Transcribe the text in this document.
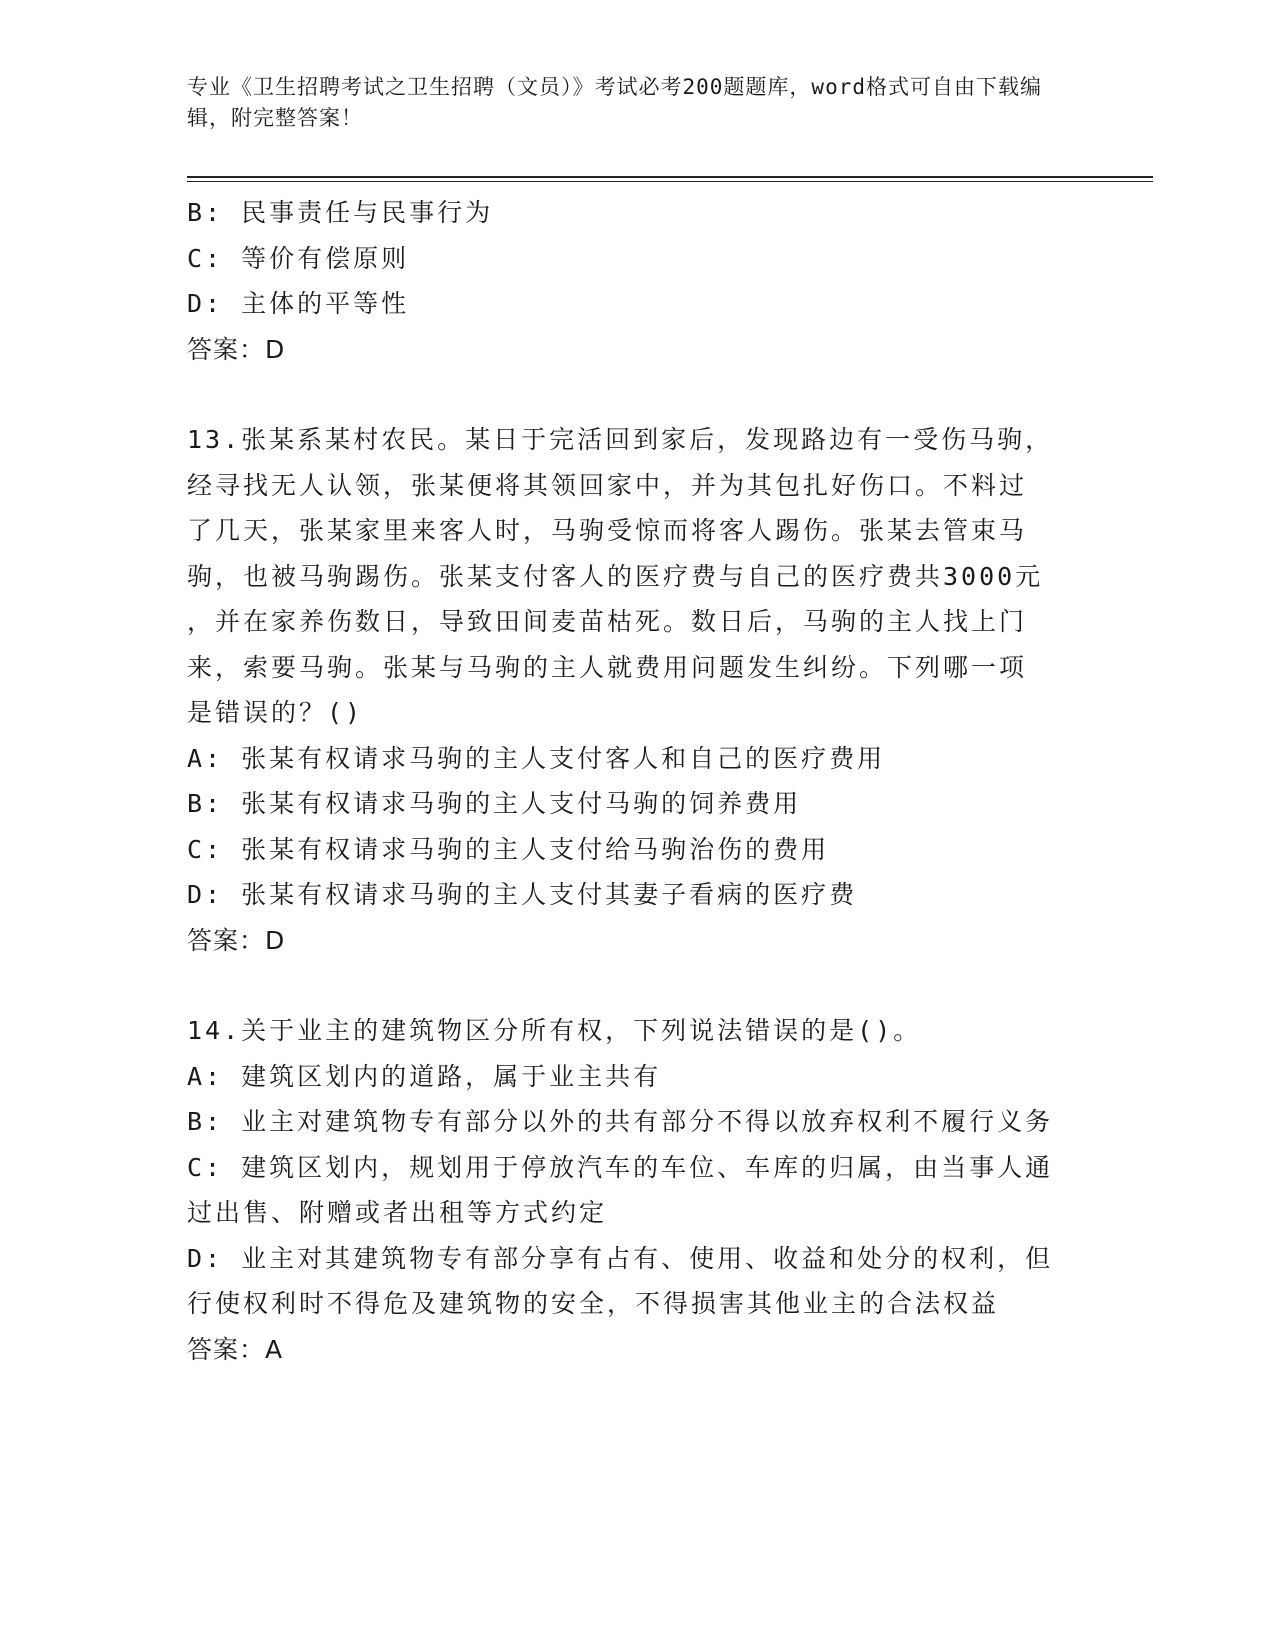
专业《卫生招聘考试之卫生招聘（文员）》考试必考200题题库，word格式可自由下载编辑，附完整答案！

B: 民事责任与民事行为

C: 等价有偿原则

D: 主体的平等性

答案：D

13.张某系某村农民。某日于完活回到家后，发现路边有一受伤马驹，

经寻找无人认领，张某便将其领回家中，并为其包扎好伤口。不料过

了几天，张某家里来客人时，马驹受惊而将客人踢伤。张某去管束马

驹，也被马驹踢伤。张某支付客人的医疗费与自己的医疗费共3000元

，并在家养伤数日，导致田间麦苗枯死。数日后，马驹的主人找上门

来，索要马驹。张某与马驹的主人就费用问题发生纠纷。下列哪一项

是错误的？()

A: 张某有权请求马驹的主人支付客人和自己的医疗费用

B: 张某有权请求马驹的主人支付马驹的饲养费用

C: 张某有权请求马驹的主人支付给马驹治伤的费用

D: 张某有权请求马驹的主人支付其妻子看病的医疗费

答案：D

14.关于业主的建筑物区分所有权，下列说法错误的是()。

A: 建筑区划内的道路，属于业主共有

B: 业主对建筑物专有部分以外的共有部分不得以放弃权利不履行义务

C: 建筑区划内，规划用于停放汽车的车位、车库的归属，由当事人通

过出售、附赠或者出租等方式约定

D: 业主对其建筑物专有部分享有占有、使用、收益和处分的权利，但

行使权利时不得危及建筑物的安全，不得损害其他业主的合法权益

答案：A
